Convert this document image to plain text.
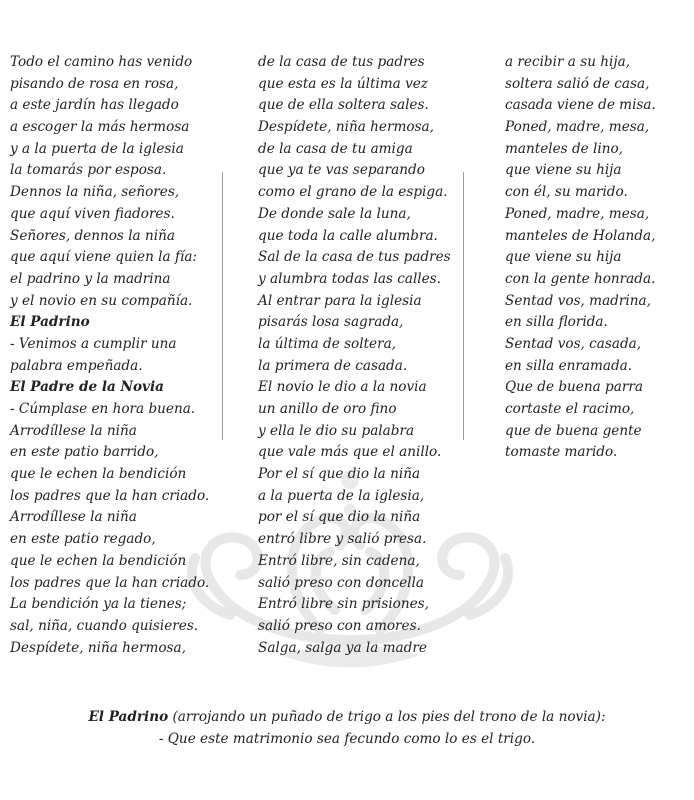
Todo el camino has venido
pisando de rosa en rosa,
a este jardín has llegado
a escoger la más hermosa
y a la puerta de la iglesia
la tomarás por esposa.
Dennos la niña, señores,
que aquí viven fiadores.
Señores, dennos la niña
que aquí viene quien la fía:
el padrino y la madrina
y el novio en su compañía.
El Padrino
- Venimos a cumplir una
palabra empeñada.
El Padre de la Novia
- Cúmplase en hora buena.
Arrodíllese la niña
en este patio barrido,
que le echen la bendición
los padres que la han criado.
Arrodíllese la niña
en este patio regado,
que le echen la bendición
los padres que la han criado.
La bendición ya la tienes;
sal, niña, cuando quisieres.
Despídete, niña hermosa,
de la casa de tus padres
que esta es la última vez
que de ella soltera sales.
Despídete, niña hermosa,
de la casa de tu amiga
que ya te vas separando
como el grano de la espiga.
De donde sale la luna,
que toda la calle alumbra.
Sal de la casa de tus padres
y alumbra todas las calles.
Al entrar para la iglesia
pisarás losa sagrada,
la última de soltera,
la primera de casada.
El novio le dio a la novia
un anillo de oro fino
y ella le dio su palabra
que vale más que el anillo.
Por el sí que dio la niña
a la puerta de la iglesia,
por el sí que dio la niña
entró libre y salió presa.
Entró libre, sin cadena,
salió preso con doncella
Entró libre sin prisiones,
salió preso con amores.
Salga, salga ya la madre
a recibir a su hija,
soltera salió de casa,
casada viene de misa.
Poned, madre, mesa,
manteles de lino,
que viene su hija
con él, su marido.
Poned, madre, mesa,
manteles de Holanda,
que viene su hija
con la gente honrada.
Sentad vos, madrina,
en silla florida.
Sentad vos, casada,
en silla enramada.
Que de buena parra
cortaste el racimo,
que de buena gente
tomaste marido.
El Padrino (arrojando un puñado de trigo a los pies del trono de la novia):
- Que este matrimonio sea fecundo como lo es el trigo.
